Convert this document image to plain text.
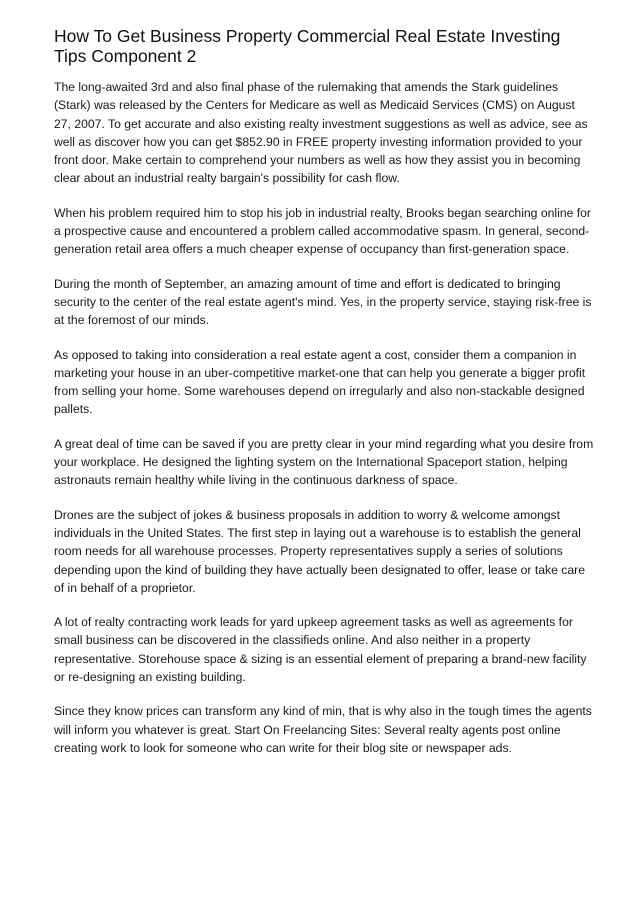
How To Get Business Property Commercial Real Estate Investing Tips Component 2

The long-awaited 3rd and also final phase of the rulemaking that amends the Stark guidelines (Stark) was released by the Centers for Medicare as well as Medicaid Services (CMS) on August 27, 2007. To get accurate and also existing realty investment suggestions as well as advice, see as well as discover how you can get $852.90 in FREE property investing information provided to your front door. Make certain to comprehend your numbers as well as how they assist you in becoming clear about an industrial realty bargain's possibility for cash flow.

When his problem required him to stop his job in industrial realty, Brooks began searching online for a prospective cause and encountered a problem called accommodative spasm. In general, second-generation retail area offers a much cheaper expense of occupancy than first-generation space.

During the month of September, an amazing amount of time and effort is dedicated to bringing security to the center of the real estate agent's mind. Yes, in the property service, staying risk-free is at the foremost of our minds.

As opposed to taking into consideration a real estate agent a cost, consider them a companion in marketing your house in an uber-competitive market-one that can help you generate a bigger profit from selling your home. Some warehouses depend on irregularly and also non-stackable designed pallets.

A great deal of time can be saved if you are pretty clear in your mind regarding what you desire from your workplace. He designed the lighting system on the International Spaceport station, helping astronauts remain healthy while living in the continuous darkness of space.

Drones are the subject of jokes & business proposals in addition to worry & welcome amongst individuals in the United States. The first step in laying out a warehouse is to establish the general room needs for all warehouse processes. Property representatives supply a series of solutions depending upon the kind of building they have actually been designated to offer, lease or take care of in behalf of a proprietor.

A lot of realty contracting work leads for yard upkeep agreement tasks as well as agreements for small business can be discovered in the classifieds online. And also neither in a property representative. Storehouse space & sizing is an essential element of preparing a brand-new facility or re-designing an existing building.

Since they know prices can transform any kind of min, that is why also in the tough times the agents will inform you whatever is great. Start On Freelancing Sites: Several realty agents post online creating work to look for someone who can write for their blog site or newspaper ads.
